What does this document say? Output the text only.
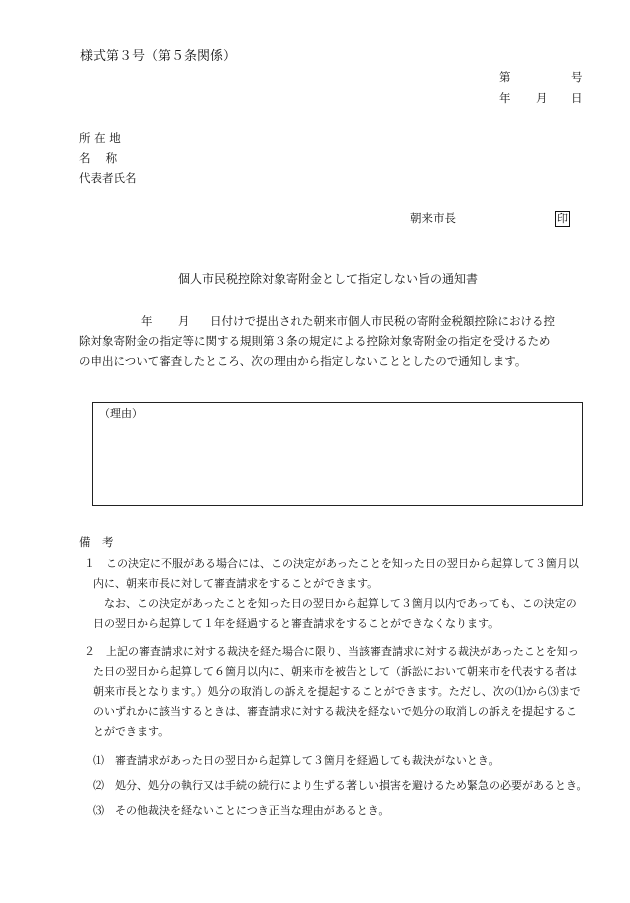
様式第３号（第５条関係）
第	号
年 月 日
所 在 地
名　 称
代表者氏名
朝来市長	印
個人市民税控除対象寄附金として指定しない旨の通知書
年 月 日付けで提出された朝来市個人市民税の寄附金税額控除における控
除対象寄附金の指定等に関する規則第３条の規定による控除対象寄附金の指定を受けるため
の申出について審査したところ、次の理由から指定しないこととしたので通知します。
（理由）
備　考
１　この決定に不服がある場合には、この決定があったことを知った日の翌日から起算して３箇月以
内に、朝来市長に対して審査請求をすることができます。
なお、この決定があったことを知った日の翌日から起算して３箇月以内であっても、この決定の
日の翌日から起算して１年を経過すると審査請求をすることができなくなります。
２　上記の審査請求に対する裁決を経た場合に限り、当該審査請求に対する裁決があったことを知っ
た日の翌日から起算して６箇月以内に、朝来市を被告として（訴訟において朝来市を代表する者は
朝来市長となります。）処分の取消しの訴えを提起することができます。ただし、次の⑴から⑶まで
のいずれかに該当するときは、審査請求に対する裁決を経ないで処分の取消しの訴えを提起するこ
とができます。
⑴　審査請求があった日の翌日から起算して３箇月を経過しても裁決がないとき。
⑵　処分、処分の執行又は手続の続行により生ずる著しい損害を避けるため緊急の必要があるとき。
⑶　その他裁決を経ないことにつき正当な理由があるとき。
